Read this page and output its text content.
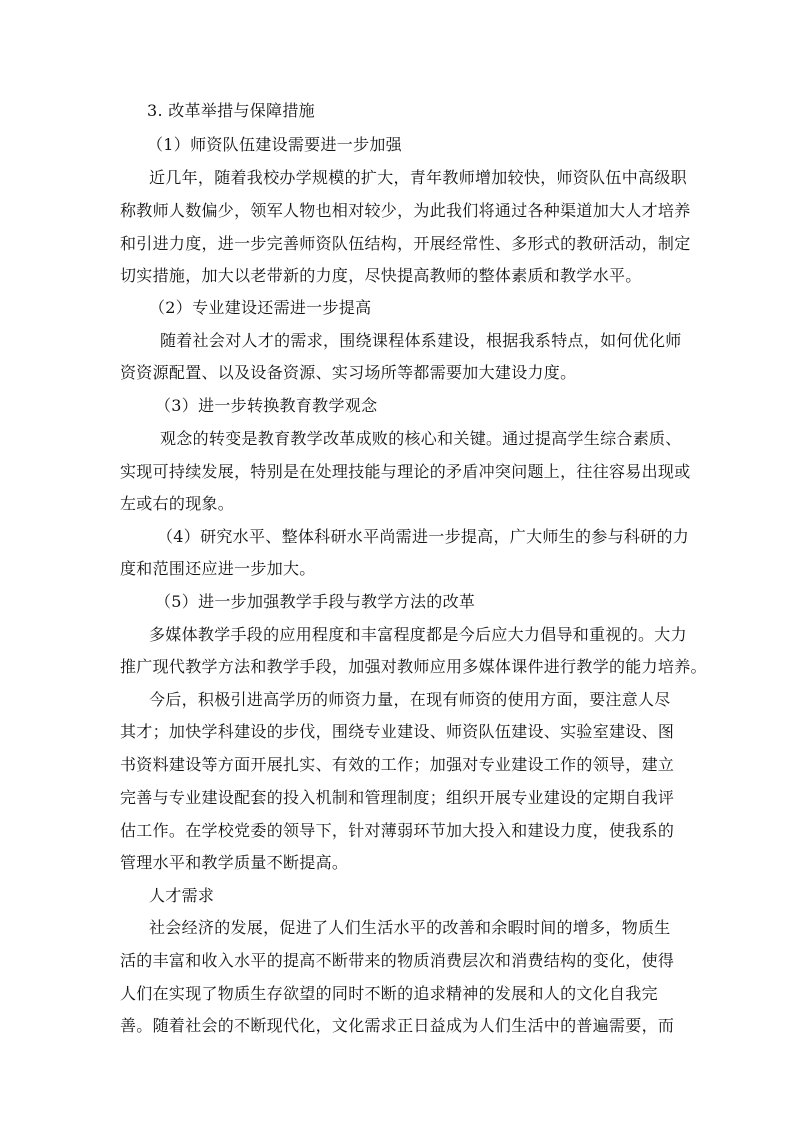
3. 改革举措与保障措施
（1）师资队伍建设需要进一步加强
近几年，随着我校办学规模的扩大，青年教师增加较快，师资队伍中高级职
称教师人数偏少，领军人物也相对较少，为此我们将通过各种渠道加大人才培养
和引进力度，进一步完善师资队伍结构，开展经常性、多形式的教研活动，制定
切实措施，加大以老带新的力度，尽快提高教师的整体素质和教学水平。
（2）专业建设还需进一步提高
随着社会对人才的需求，围绕课程体系建设，根据我系特点，如何优化师
资资源配置、以及设备资源、实习场所等都需要加大建设力度。
（3）进一步转换教育教学观念
观念的转变是教育教学改革成败的核心和关键。通过提高学生综合素质、
实现可持续发展，特别是在处理技能与理论的矛盾冲突问题上，往往容易出现或
左或右的现象。
（4）研究水平、整体科研水平尚需进一步提高，广大师生的参与科研的力
度和范围还应进一步加大。
（5）进一步加强教学手段与教学方法的改革
多媒体教学手段的应用程度和丰富程度都是今后应大力倡导和重视的。大力
推广现代教学方法和教学手段，加强对教师应用多媒体课件进行教学的能力培养。
今后，积极引进高学历的师资力量，在现有师资的使用方面，要注意人尽
其才；加快学科建设的步伐，围绕专业建设、师资队伍建设、实验室建设、图
书资料建设等方面开展扎实、有效的工作；加强对专业建设工作的领导，建立
完善与专业建设配套的投入机制和管理制度；组织开展专业建设的定期自我评
估工作。在学校党委的领导下，针对薄弱环节加大投入和建设力度，使我系的
管理水平和教学质量不断提高。
人才需求
社会经济的发展，促进了人们生活水平的改善和余暇时间的增多，物质生
活的丰富和收入水平的提高不断带来的物质消费层次和消费结构的变化，使得
人们在实现了物质生存欲望的同时不断的追求精神的发展和人的文化自我完
善。随着社会的不断现代化，文化需求正日益成为人们生活中的普遍需要，而
